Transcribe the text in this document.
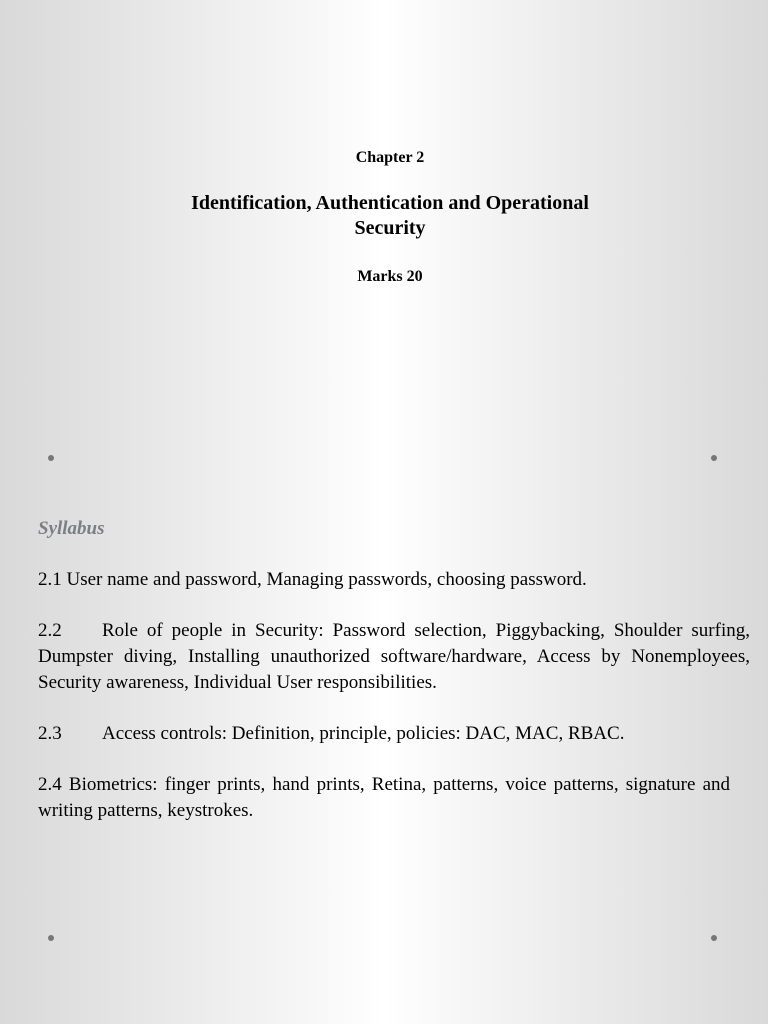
Chapter 2
Identification, Authentication and Operational
Security
Marks 20
Syllabus
2.1 User name and password, Managing passwords, choosing password.
2.2 Role of people in Security: Password selection, Piggybacking, Shoulder surfing, Dumpster diving, Installing unauthorized software/hardware, Access by Nonemployees, Security awareness, Individual User responsibilities.
2.3 Access controls: Definition, principle, policies: DAC, MAC, RBAC.
2.4 Biometrics: finger prints, hand prints, Retina, patterns, voice patterns, signature and writing patterns, keystrokes.
